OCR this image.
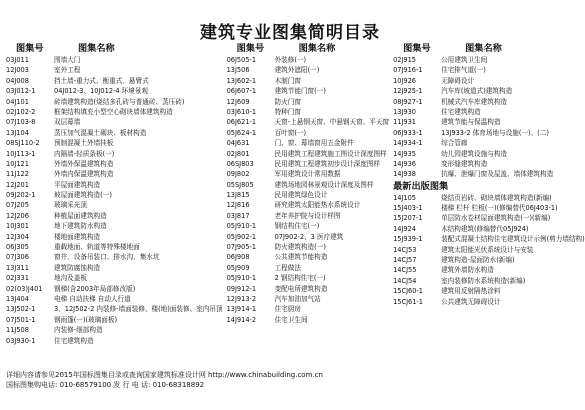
建筑专业图集简明目录
图集号	图集名称
03J011	围墙大门
12J003	室外工程
04J008	挡土墙-重力式、衡重式、悬臂式
03J012-1	04J012-3、10J012-4 环境景观
04J101	砖墙建筑构造(烧结多孔砖与普通砖、蒸压砖)
02J102-2	框架结构填充小型空心砌块墙体建筑构造
07J103-8	双层幕墙
13J104	蒸压加气混凝土砌块、板材构造
08SJ110-2 预制混凝土外墙挂板
10J113-1	内隔墙-轻质条板(一)
10J121	外墙外保温建筑构造
11J122	外墙内保温建筑构造
12J201	平屋面建筑构造
09J202-1	坡屋面建筑构造(一)
07J205	玻璃采光顶
12J206	种植屋面建筑构造
10J301	地下建筑防水构造
12J304	楼地面建筑构造
06J305	重载地面、轨道等特殊楼地面
07J306	窗井、设备吊装口、排水沟、集水坑
13J311	建筑防腐蚀构造
02J331	地沟及盖板
02(03)J401 钢梯(含2003年局部修改版)
13J404	电梯 自动扶梯 自动人行道
13J502-1	3、12J502-2 内装修-墙面装修、楼(地)面装修、室内吊顶
07J501-1	钢雨篷(一)(玻璃面板)
11J508	内装修-细部构造
03J930-1	住宅建筑构造
图集号	图集名称
06J505-1	外装修(一)
13J506	建筑外遮阳(一)
13J602-1	木制门窗
06J607-1	建筑节能门窗(一)
12J609	防火门窗
03J610-1	特种门窗
06J621-1	天窗-上悬钢天窗、中悬钢天窗、平天窗
05J624-1	百叶窗(一)
04J631	门、窗、幕墙窗用五金附件
02J801	民用建筑工程建筑施工图设计深度图样
06SJ803	民用建筑工程建筑初步设计深度图样
09J802	军用建筑设计常用数据
05SJ805	建筑场地园林景观设计深度及图样
13J815	民用建筑绿色设计
12J816	研究建筑太阳能热水系统设计
03J817	老年养护院与设计样图
05J910-1	钢结构住宅(一)
05J902-1	07J902-2、3 医疗建筑
07J905-1	防火建筑构造(一)
06J908	公共建筑节能构造
05J909	工程做法
05J910-1	2 钢结构住宅(一)
09J912-1	变配电所建筑构造
12J913-2	汽车加油加气站
13J914-1	住宅厨房
14J914-2	住宅卫生间
图集号	图集名称
02J915	公用建筑卫生间
07J916-1	住宅排气道(一)
10J926	无障碍设计
12J925-1	汽车库(坡道式)建筑构造
08J927-1	机械式汽车库建筑构造
13J930	住宅建筑构造
11J931	建筑节能与保温构造
06J933-1	13J933-2 体育场地与设施(一)、(二)
14J934-1	综合管廊
14J935	幼儿园建筑设施与构造
14J936	变形缝建筑构造
14J938	抗爆、泄爆门窗及屋盖、墙体建筑构造
最新出版图集
14J105	烧结页岩砖、砌块墙体建筑构造(新编)
15J403-1	楼梯 栏杆 栏板(一)(修编替代06J403-1)
15J207-1	单层防水卷材屋面建筑构造(一)(新编)
14J924	木结构建筑(修编替代05J924)
15J939-1	装配式混凝土结构住宅建筑设计示例(剪力墙结构)
14CJ53	建筑太阳能光伏系统设计与安装
14CJ57	建筑构造-屋面防水(新编)
14CJ55	建筑外墙防水构造
14CJ54	室内装修防水系统构造(新编)
15CJ60-1	建筑用反射隔热涂料
15CJ61-1	公共建筑无障碍设计
详细内容请参见2015年国标图集目录或查询国家建筑标准设计网 http://www.chinabuilding.com.cn
国标图集购电话: 010-68579100 发 行 电 话: 010-68318892
